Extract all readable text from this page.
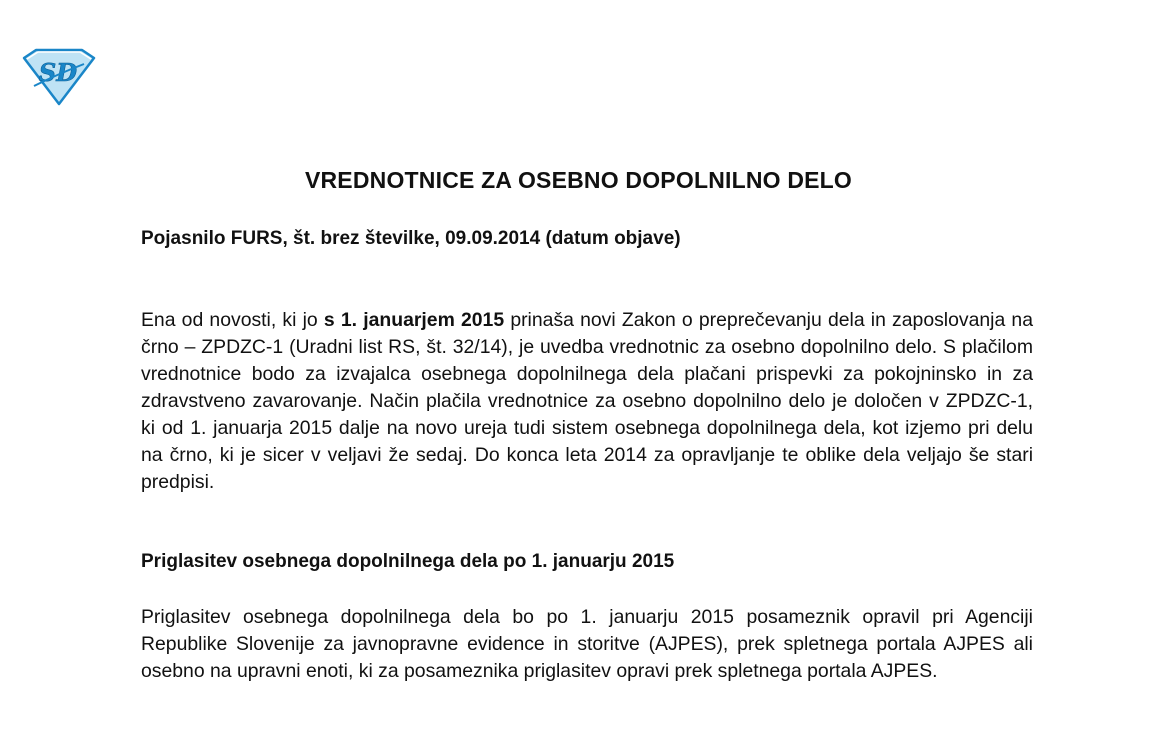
SD
VREDNOTNICE ZA OSEBNO DOPOLNILNO DELO

Pojasnilo FURS, št. brez številke, 09.09.2014 (datum objave)

Ena od novosti, ki jo s 1. januarjem 2015 prinaša novi Zakon o preprečevanju dela in zaposlovanja na črno – ZPDZC-1 (Uradni list RS, št. 32/14), je uvedba vrednotnic za osebno dopolnilno delo. S plačilom vrednotnice bodo za izvajalca osebnega dopolnilnega dela plačani prispevki za pokojninsko in za zdravstveno zavarovanje. Način plačila vrednotnice za osebno dopolnilno delo je določen v ZPDZC-1, ki od 1. januarja 2015 dalje na novo ureja tudi sistem osebnega dopolnilnega dela, kot izjemo pri delu na črno, ki je sicer v veljavi že sedaj. Do konca leta 2014 za opravljanje te oblike dela veljajo še stari predpisi.

Priglasitev osebnega dopolnilnega dela po 1. januarju 2015

Priglasitev osebnega dopolnilnega dela bo po 1. januarju 2015 posameznik opravil pri Agenciji Republike Slovenije za javnopravne evidence in storitve (AJPES), prek spletnega portala AJPES ali osebno na upravni enoti, ki za posameznika priglasitev opravi prek spletnega portala AJPES.
